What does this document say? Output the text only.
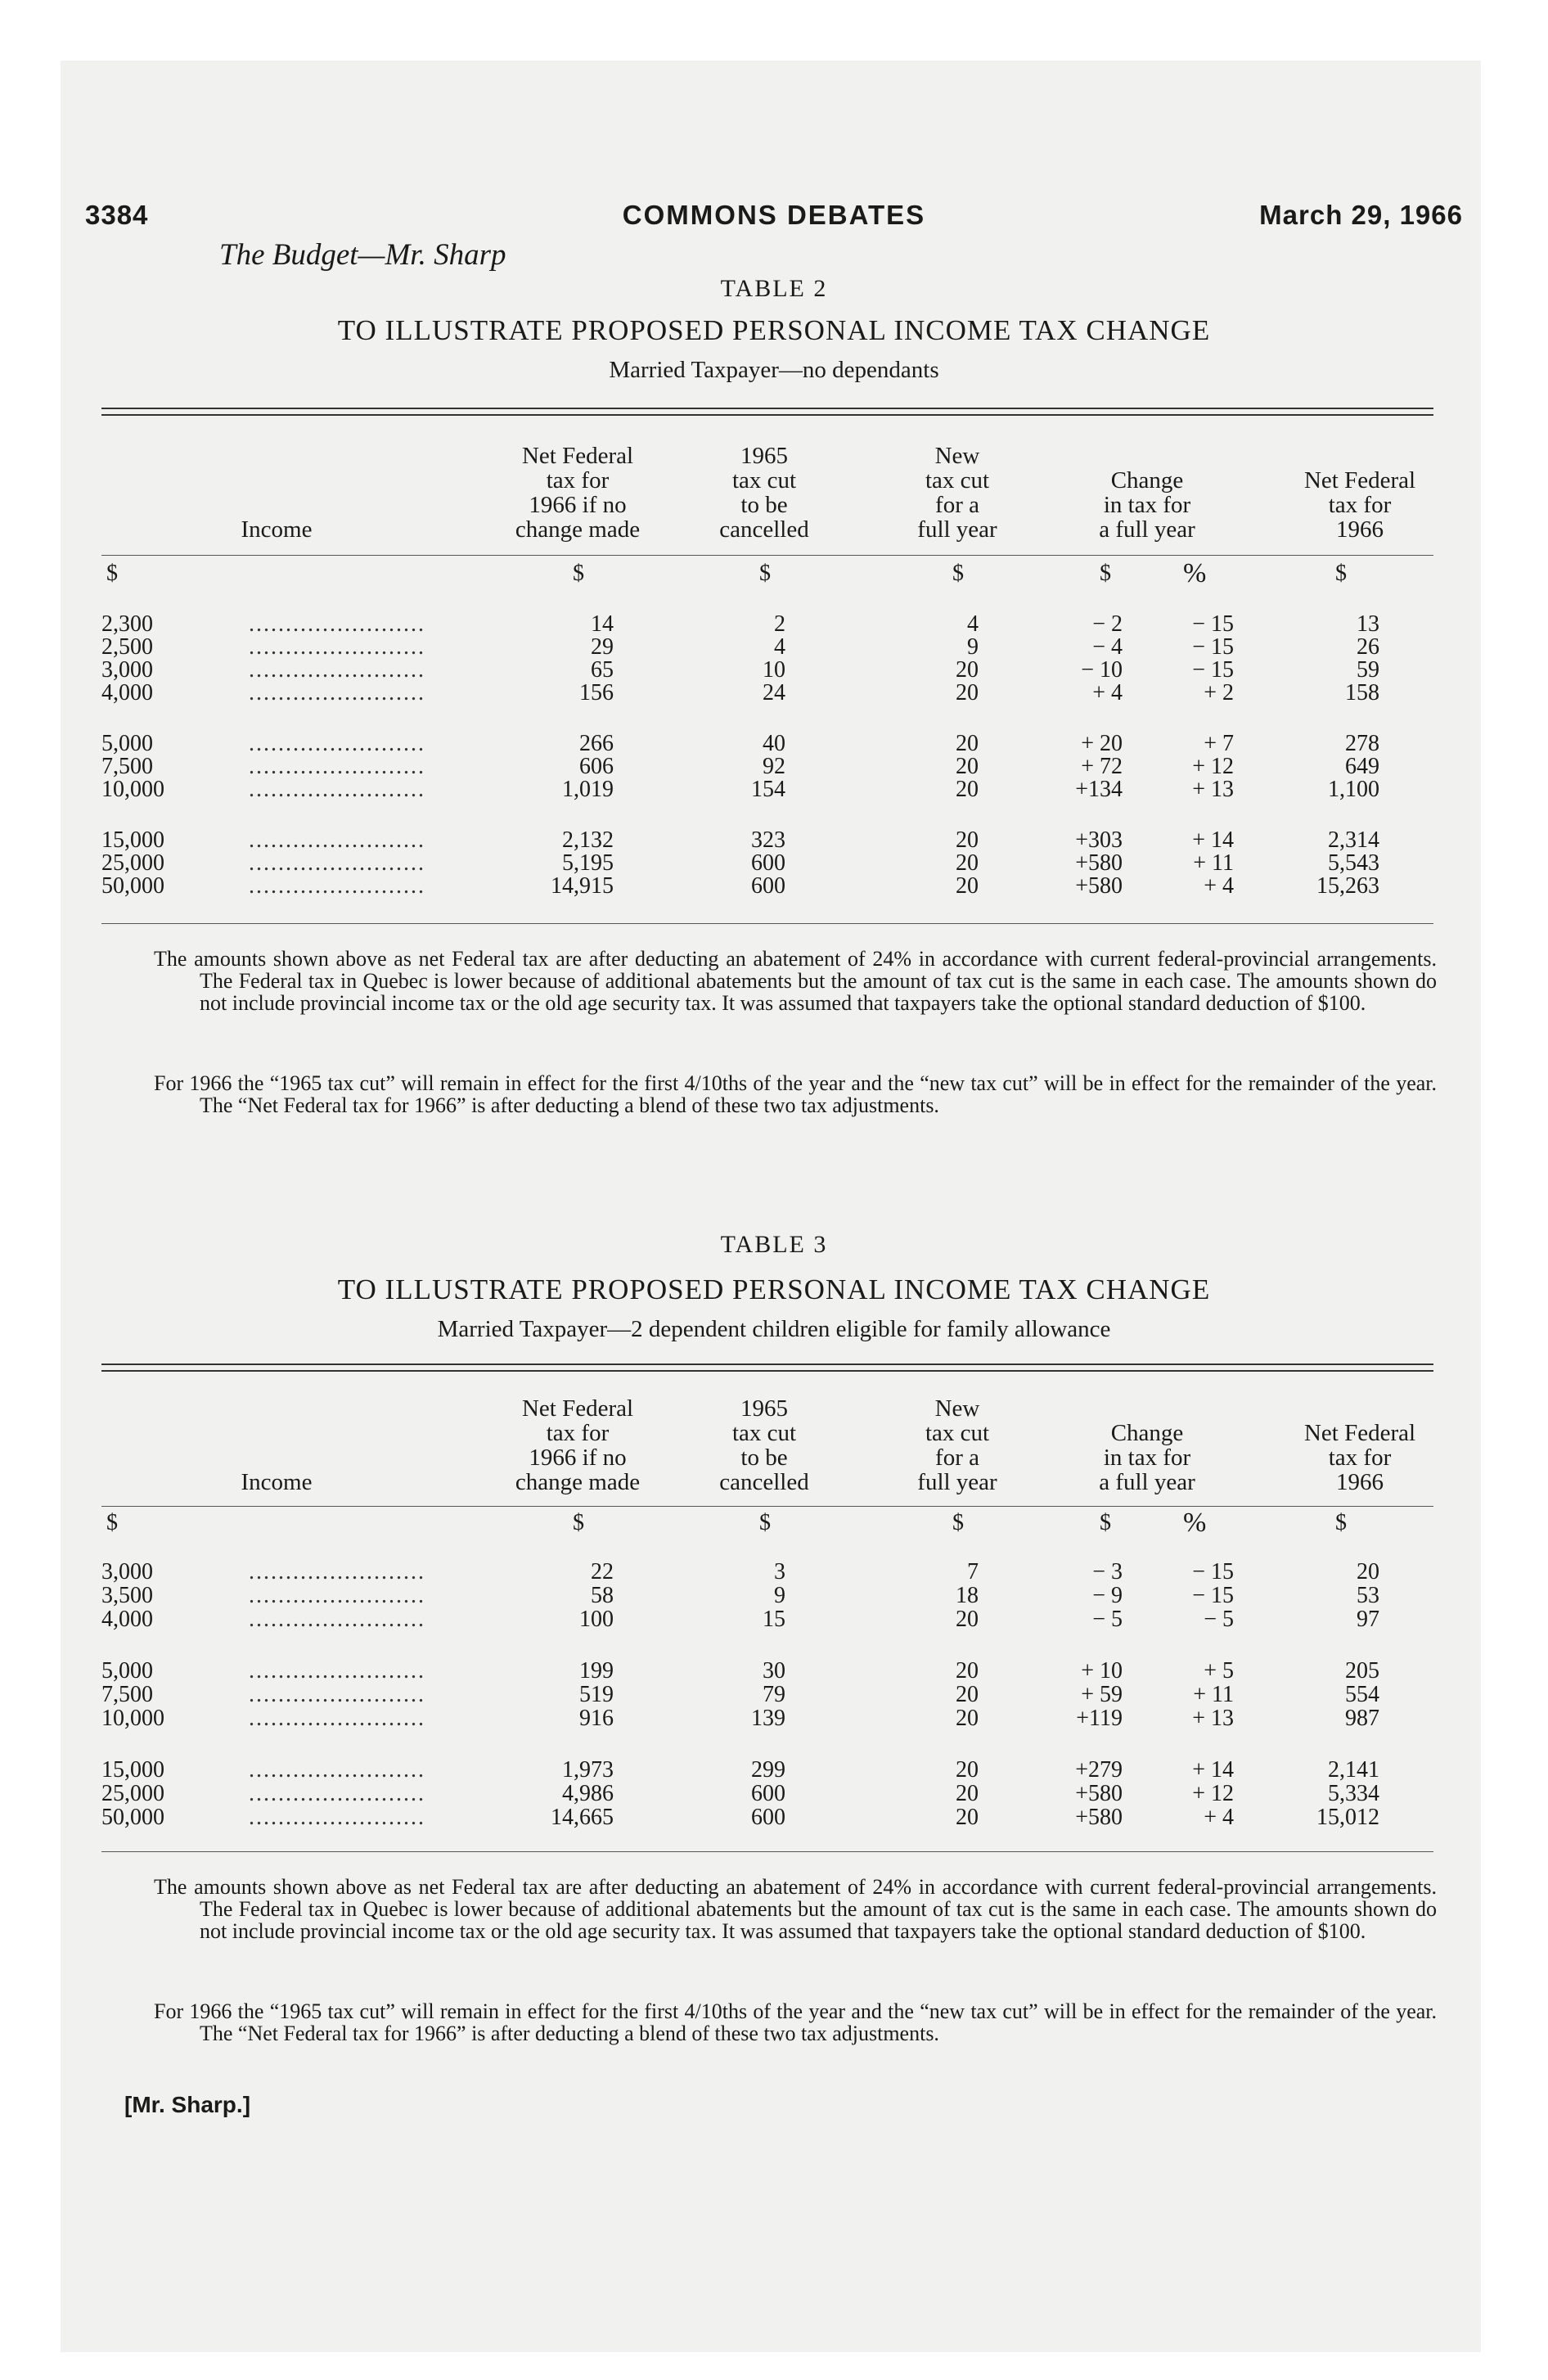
3384	COMMONS DEBATES	March 29, 1966
The Budget—Mr. Sharp
TABLE 2
TO ILLUSTRATE PROPOSED PERSONAL INCOME TAX CHANGE
Married Taxpayer—no dependants
Net Federal
tax for
1966 if no
change made
1965
tax cut
to be
cancelled
New
tax cut
for a
full year
Change
in tax for
a full year
Net Federal
tax for
1966
Income
$	$	$	$	$	%	$
2,300	........................	14	2	4	− 2	− 15	13
2,500	........................	29	4	9	− 4	− 15	26
3,000	........................	65	10	20	− 10	− 15	59
4,000	........................	156	24	20	+ 4	+ 2	158
5,000	........................	266	40	20	+ 20	+ 7	278
7,500	........................	606	92	20	+ 72	+ 12	649
10,000	........................	1,019	154	20	+134	+ 13	1,100
15,000	........................	2,132	323	20	+303	+ 14	2,314
25,000	........................	5,195	600	20	+580	+ 11	5,543
50,000	........................	14,915	600	20	+580	+ 4	15,263
The amounts shown above as net Federal tax are after deducting an abatement of 24% in accordance with current federal-provincial arrangements. The Federal tax in Quebec is lower because of additional abatements but the amount of tax cut is the same in each case. The amounts shown do not include provincial income tax or the old age security tax. It was assumed that taxpayers take the optional standard deduction of $100.
For 1966 the “1965 tax cut” will remain in effect for the first 4/10ths of the year and the “new tax cut” will be in effect for the remainder of the year. The “Net Federal tax for 1966” is after deducting a blend of these two tax adjustments.
TABLE 3
TO ILLUSTRATE PROPOSED PERSONAL INCOME TAX CHANGE
Married Taxpayer—2 dependent children eligible for family allowance
Net Federal
tax for
1966 if no
change made
1965
tax cut
to be
cancelled
New
tax cut
for a
full year
Change
in tax for
a full year
Net Federal
tax for
1966
Income
$	$	$	$	$	%	$
3,000	........................	22	3	7	− 3	− 15	20
3,500	........................	58	9	18	− 9	− 15	53
4,000	........................	100	15	20	− 5	− 5	97
5,000	........................	199	30	20	+ 10	+ 5	205
7,500	........................	519	79	20	+ 59	+ 11	554
10,000	........................	916	139	20	+119	+ 13	987
15,000	........................	1,973	299	20	+279	+ 14	2,141
25,000	........................	4,986	600	20	+580	+ 12	5,334
50,000	........................	14,665	600	20	+580	+ 4	15,012
The amounts shown above as net Federal tax are after deducting an abatement of 24% in accordance with current federal-provincial arrangements. The Federal tax in Quebec is lower because of additional abatements but the amount of tax cut is the same in each case. The amounts shown do not include provincial income tax or the old age security tax. It was assumed that taxpayers take the optional standard deduction of $100.
For 1966 the “1965 tax cut” will remain in effect for the first 4/10ths of the year and the “new tax cut” will be in effect for the remainder of the year. The “Net Federal tax for 1966” is after deducting a blend of these two tax adjustments.
[Mr. Sharp.]
